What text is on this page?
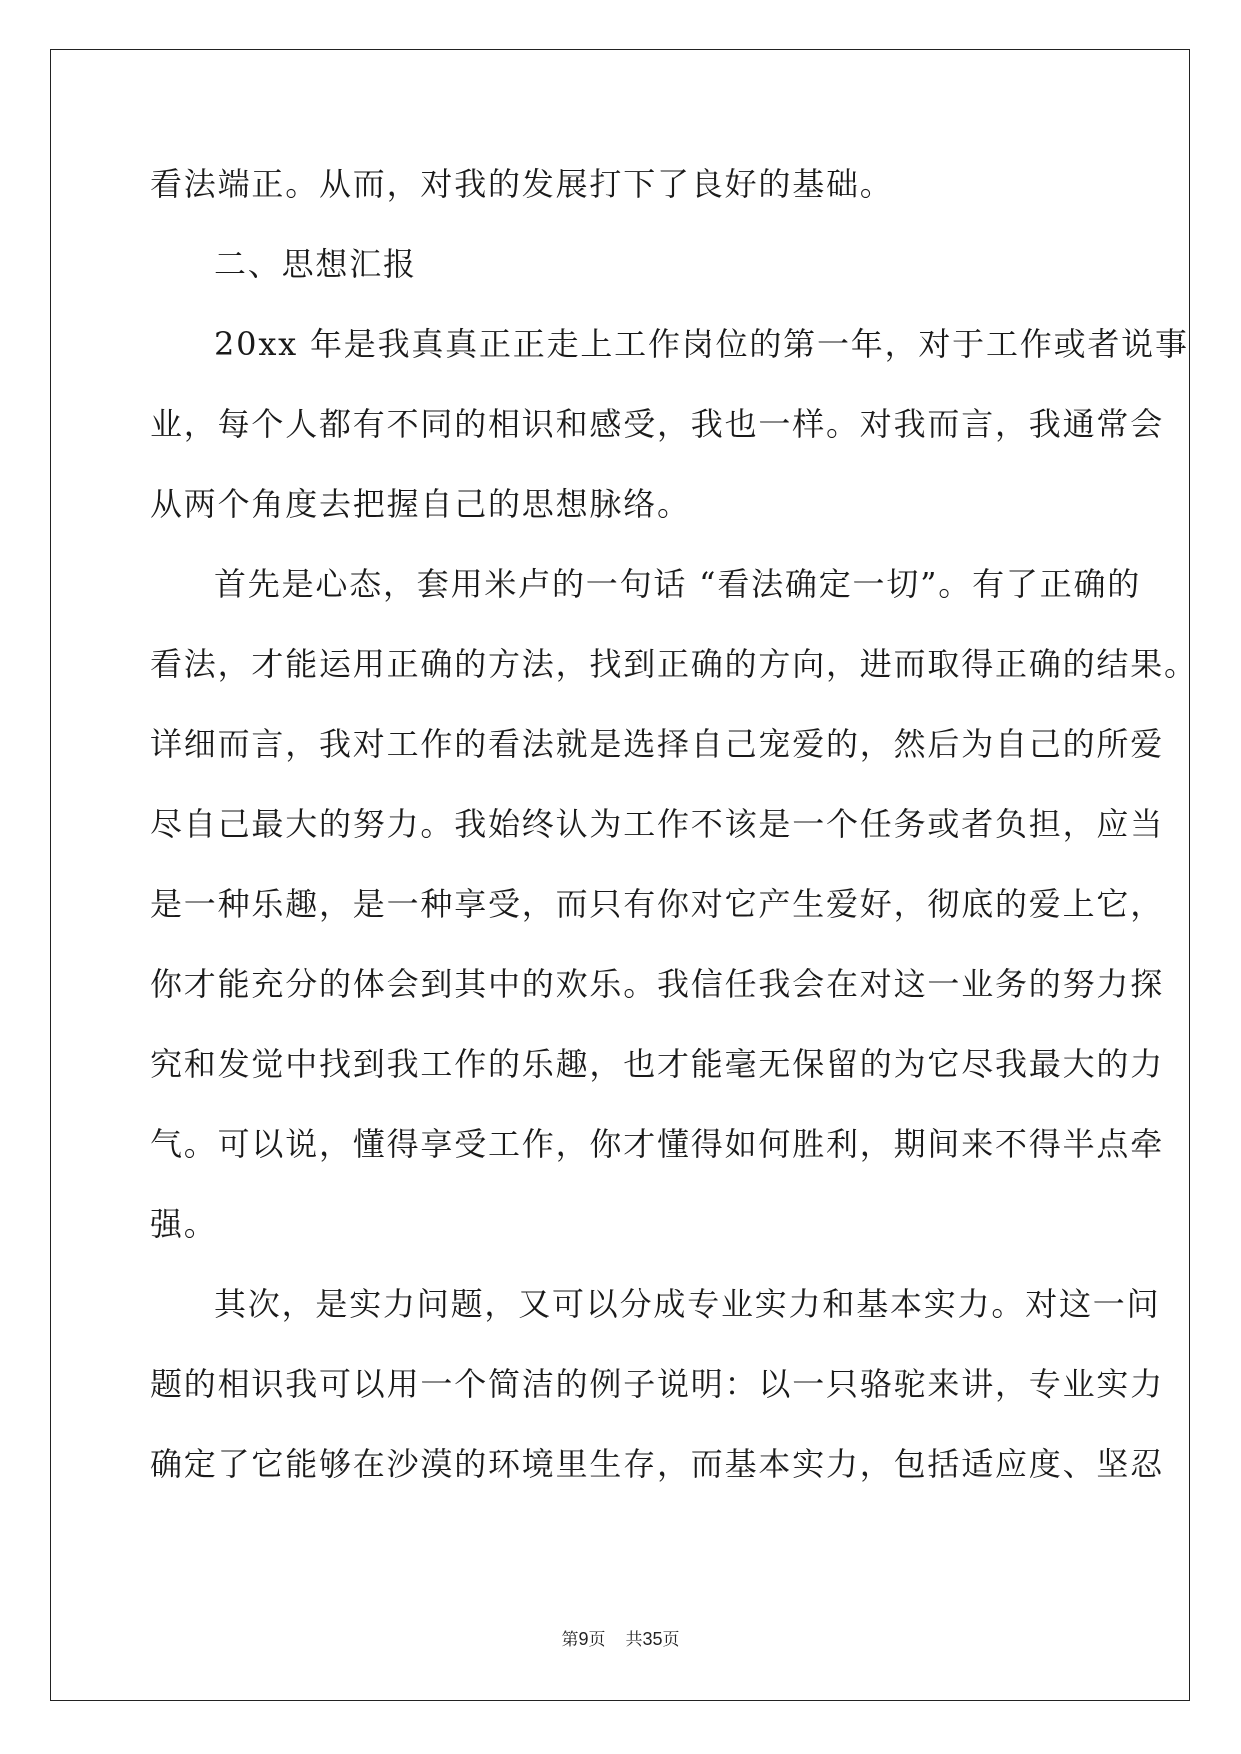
看法端正。从而，对我的发展打下了良好的基础。
二、思想汇报
20xx 年是我真真正正走上工作岗位的第一年，对于工作或者说事
业，每个人都有不同的相识和感受，我也一样。对我而言，我通常会
从两个角度去把握自己的思想脉络。
首先是心态，套用米卢的一句话 “看法确定一切”。有了正确的
看法，才能运用正确的方法，找到正确的方向，进而取得正确的结果。
详细而言，我对工作的看法就是选择自己宠爱的，然后为自己的所爱
尽自己最大的努力。我始终认为工作不该是一个任务或者负担，应当
是一种乐趣，是一种享受，而只有你对它产生爱好，彻底的爱上它，
你才能充分的体会到其中的欢乐。我信任我会在对这一业务的努力探
究和发觉中找到我工作的乐趣，也才能毫无保留的为它尽我最大的力
气。可以说，懂得享受工作，你才懂得如何胜利，期间来不得半点牵
强。
其次，是实力问题，又可以分成专业实力和基本实力。对这一问
题的相识我可以用一个简洁的例子说明：以一只骆驼来讲，专业实力
确定了它能够在沙漠的环境里生存，而基本实力，包括适应度、坚忍
第9页 共35页
